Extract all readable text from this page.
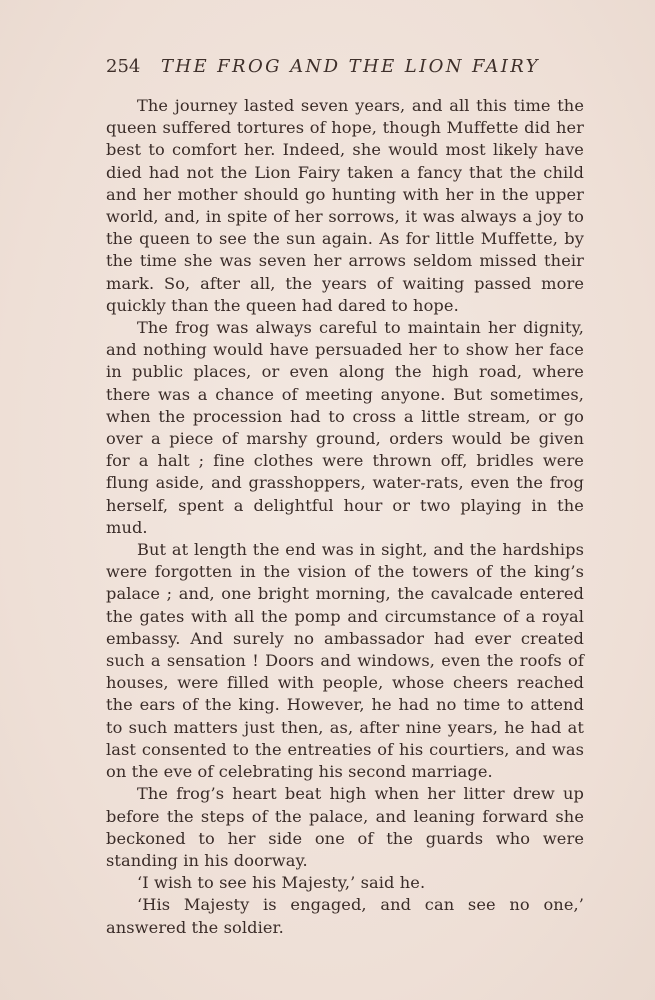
254 THE FROG AND THE LION FAIRY

The journey lasted seven years, and all this time the queen suffered tortures of hope, though Muffette did her best to comfort her. Indeed, she would most likely have died had not the Lion Fairy taken a fancy that the child and her mother should go hunting with her in the upper world, and, in spite of her sorrows, it was always a joy to the queen to see the sun again. As for little Muffette, by the time she was seven her arrows seldom missed their mark. So, after all, the years of waiting passed more quickly than the queen had dared to hope.

The frog was always careful to maintain her dignity, and nothing would have persuaded her to show her face in public places, or even along the high road, where there was a chance of meeting anyone. But sometimes, when the procession had to cross a little stream, or go over a piece of marshy ground, orders would be given for a halt ; fine clothes were thrown off, bridles were flung aside, and grasshoppers, water-rats, even the frog herself, spent a delightful hour or two playing in the mud.

But at length the end was in sight, and the hardships were forgotten in the vision of the towers of the king’s palace ; and, one bright morning, the cavalcade entered the gates with all the pomp and circumstance of a royal embassy. And surely no ambassador had ever created such a sensation ! Doors and windows, even the roofs of houses, were filled with people, whose cheers reached the ears of the king. However, he had no time to attend to such matters just then, as, after nine years, he had at last consented to the entreaties of his courtiers, and was on the eve of celebrating his second marriage.

The frog’s heart beat high when her litter drew up before the steps of the palace, and leaning forward she beckoned to her side one of the guards who were standing in his doorway.

‘I wish to see his Majesty,’ said he.

‘His Majesty is engaged, and can see no one,’ answered the soldier.
